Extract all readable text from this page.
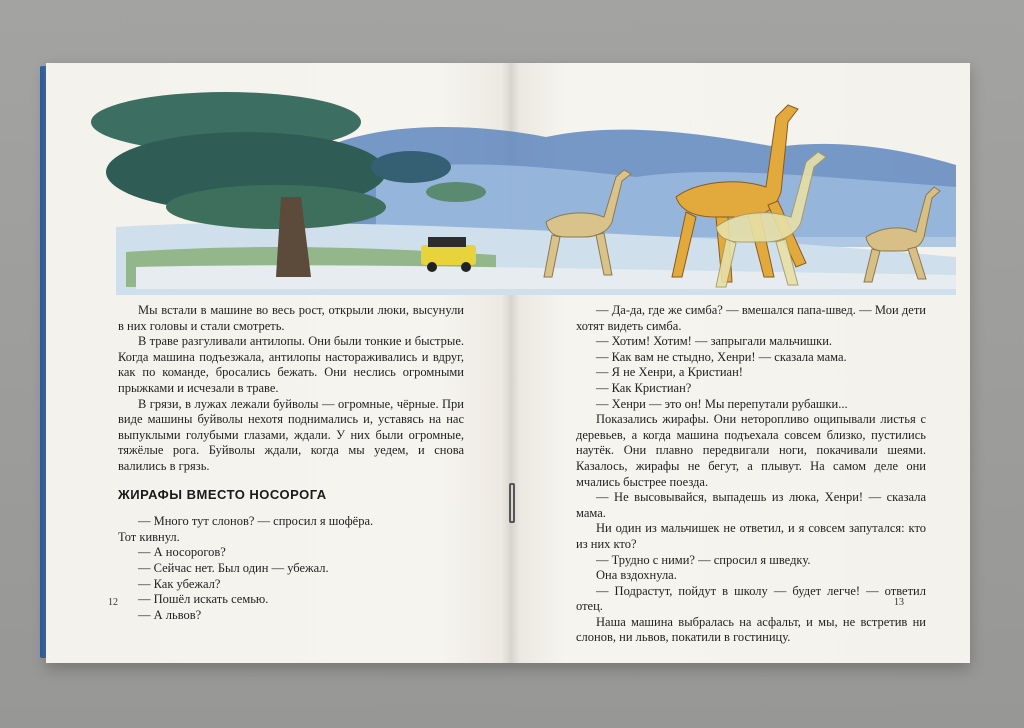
Мы встали в машине во весь рост, открыли люки, высунули в них головы и стали смотреть.

В траве разгуливали антилопы. Они были тонкие и быстрые. Когда машина подъезжала, антилопы настораживались и вдруг, как по команде, бросались бежать. Они неслись огромными прыжками и исчезали в траве.

В грязи, в лужах лежали буйволы — огромные, чёрные. При виде машины буйволы нехотя поднимались и, уставясь на нас выпуклыми голубыми глазами, ждали. У них были огромные, тяжёлые рога. Буйволы ждали, когда мы уедем, и снова валились в грязь.

ЖИРАФЫ ВМЕСТО НОСОРОГА

— Много тут слонов? — спросил я шофёра.

Тот кивнул.

— А носорогов?

— Сейчас нет. Был один — убежал.

— Как убежал?

— Пошёл искать семью.

— А львов?

12

— Да-да, где же симба? — вмешался папа-швед. — Мои дети хотят видеть симба.

— Хотим! Хотим! — запрыгали мальчишки.

— Как вам не стыдно, Хенри! — сказала мама.

— Я не Хенри, а Кристиан!

— Как Кристиан?

— Хенри — это он! Мы перепутали рубашки...

Показались жирафы. Они неторопливо ощипывали листья с деревьев, а когда машина подъехала совсем близко, пустились наутёк. Они плавно передвигали ноги, покачивали шеями. Казалось, жирафы не бегут, а плывут. На самом деле они мчались быстрее поезда.

— Не высовывайся, выпадешь из люка, Хенри! — сказала мама.

Ни один из мальчишек не ответил, и я совсем запутался: кто из них кто?

— Трудно с ними? — спросил я шведку.

Она вздохнула.

— Подрастут, пойдут в школу — будет легче! — ответил отец.

Наша машина выбралась на асфальт, и мы, не встретив ни слонов, ни львов, покатили в гостиницу.

13
